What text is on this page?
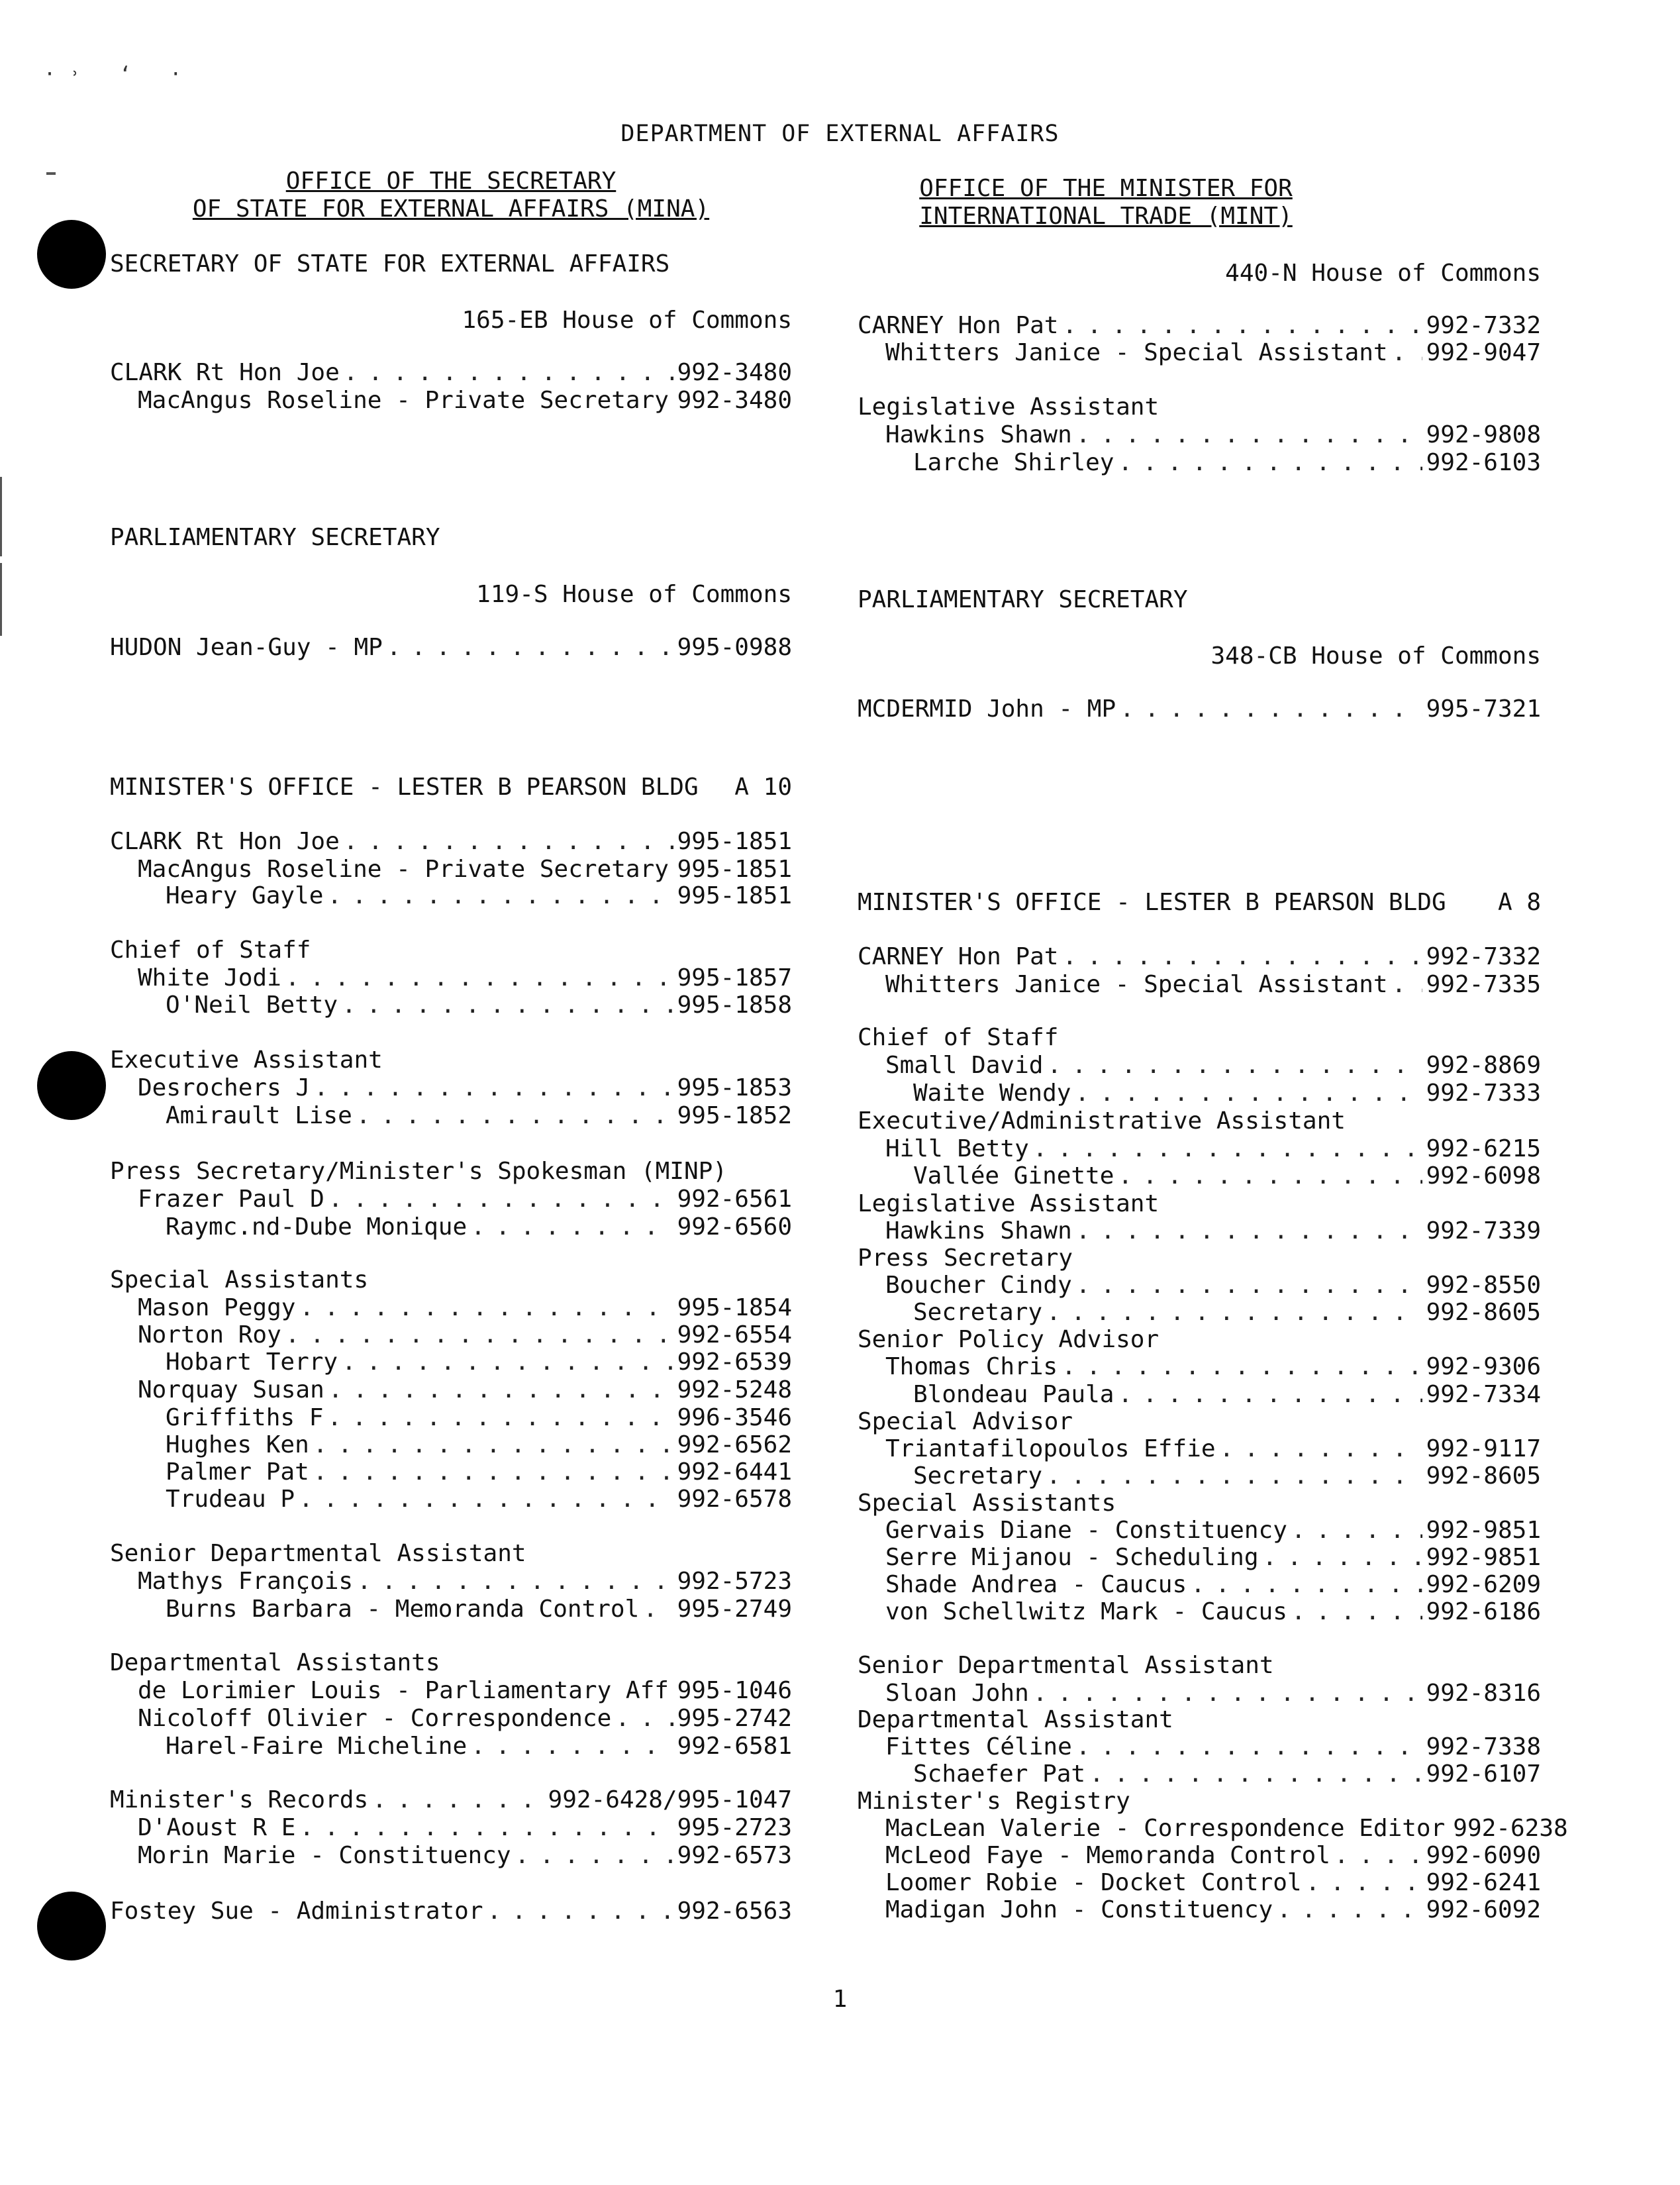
·˒ ‘ ·
DEPARTMENT OF EXTERNAL AFFAIRS
OFFICE OF THE SECRETARY
OF STATE FOR EXTERNAL AFFAIRS (MINA)
SECRETARY OF STATE FOR EXTERNAL AFFAIRS
165-EB House of Commons
CLARK Rt Hon Joe . . .	992-3480
MacAngus Roseline - Private Secretary . . . 992-3480
PARLIAMENTARY SECRETARY
119-S House of Commons
HUDON Jean-Guy - MP . . .	995-0988
MINISTER'S OFFICE - LESTER B PEARSON BLDG A 10
CLARK Rt Hon Joe . . .	995-1851
MacAngus Roseline - Private Secretary . . . 995-1851
Heary Gayle . . .	995-1851
Chief of Staff
White Jodi . . .	995-1857
O'Neil Betty . . .	995-1858
Executive Assistant
Desrochers J . . .	995-1853
Amirault Lise . . .	995-1852
Press Secretary/Minister's Spokesman (MINP)
Frazer Paul D . . .	992-6561
Raymc.nd-Dube Monique . . .	992-6560
Special Assistants
Mason Peggy . . .	995-1854
Norton Roy . . .	992-6554
Hobart Terry . . .	992-6539
Norquay Susan . . .	992-5248
Griffiths F . . .	996-3546
Hughes Ken . . .	992-6562
Palmer Pat . . .	992-6441
Trudeau P . . .	992-6578
Senior Departmental Assistant
Mathys François . . .	992-5723
Burns Barbara - Memoranda Control . . . 995-2749
Departmental Assistants
de Lorimier Louis - Parliamentary Aff . . . 995-1046
Nicoloff Olivier - Correspondence . . .	995-2742
Harel-Faire Micheline . . .	992-6581
Minister's Records . . .	992-6428/995-1047
D'Aoust R E . . .	995-2723
Morin Marie - Constituency . . .	992-6573
Fostey Sue - Administrator . . .	992-6563
OFFICE OF THE MINISTER FOR
INTERNATIONAL TRADE (MINT)
440-N House of Commons
CARNEY Hon Pat . . .	992-7332
Whitters Janice - Special Assistant . . . 992-9047
Legislative Assistant
Hawkins Shawn . . .	992-9808
Larche Shirley . . .	992-6103
PARLIAMENTARY SECRETARY
348-CB House of Commons
MCDERMID John - MP . . .	995-7321
MINISTER'S OFFICE - LESTER B PEARSON BLDG A 8
CARNEY Hon Pat . . .	992-7332
Whitters Janice - Special Assistant . . . 992-7335
Chief of Staff
Small David . . .	992-8869
Waite Wendy . . .	992-7333
Executive/Administrative Assistant
Hill Betty . . .	992-6215
Vallée Ginette . . .	992-6098
Legislative Assistant
Hawkins Shawn . . .	992-7339
Press Secretary
Boucher Cindy . . .	992-8550
Secretary . . .	992-8605
Senior Policy Advisor
Thomas Chris . . .	992-9306
Blondeau Paula . . .	992-7334
Special Advisor
Triantafilopoulos Effie . . .	992-9117
Secretary . . .	992-8605
Special Assistants
Gervais Diane - Constituency . . .	992-9851
Serre Mijanou - Scheduling . . .	992-9851
Shade Andrea - Caucus . . .	992-6209
von Schellwitz Mark - Caucus . . .	992-6186
Senior Departmental Assistant
Sloan John . . .	992-8316
Departmental Assistant
Fittes Céline . . .	992-7338
Schaefer Pat . . .	992-6107
Minister's Registry
MacLean Valerie - Correspondence Editor 992-6238
McLeod Faye - Memoranda Control . . .	992-6090
Loomer Robie - Docket Control . . .	992-6241
Madigan John - Constituency . . .	992-6092
1
